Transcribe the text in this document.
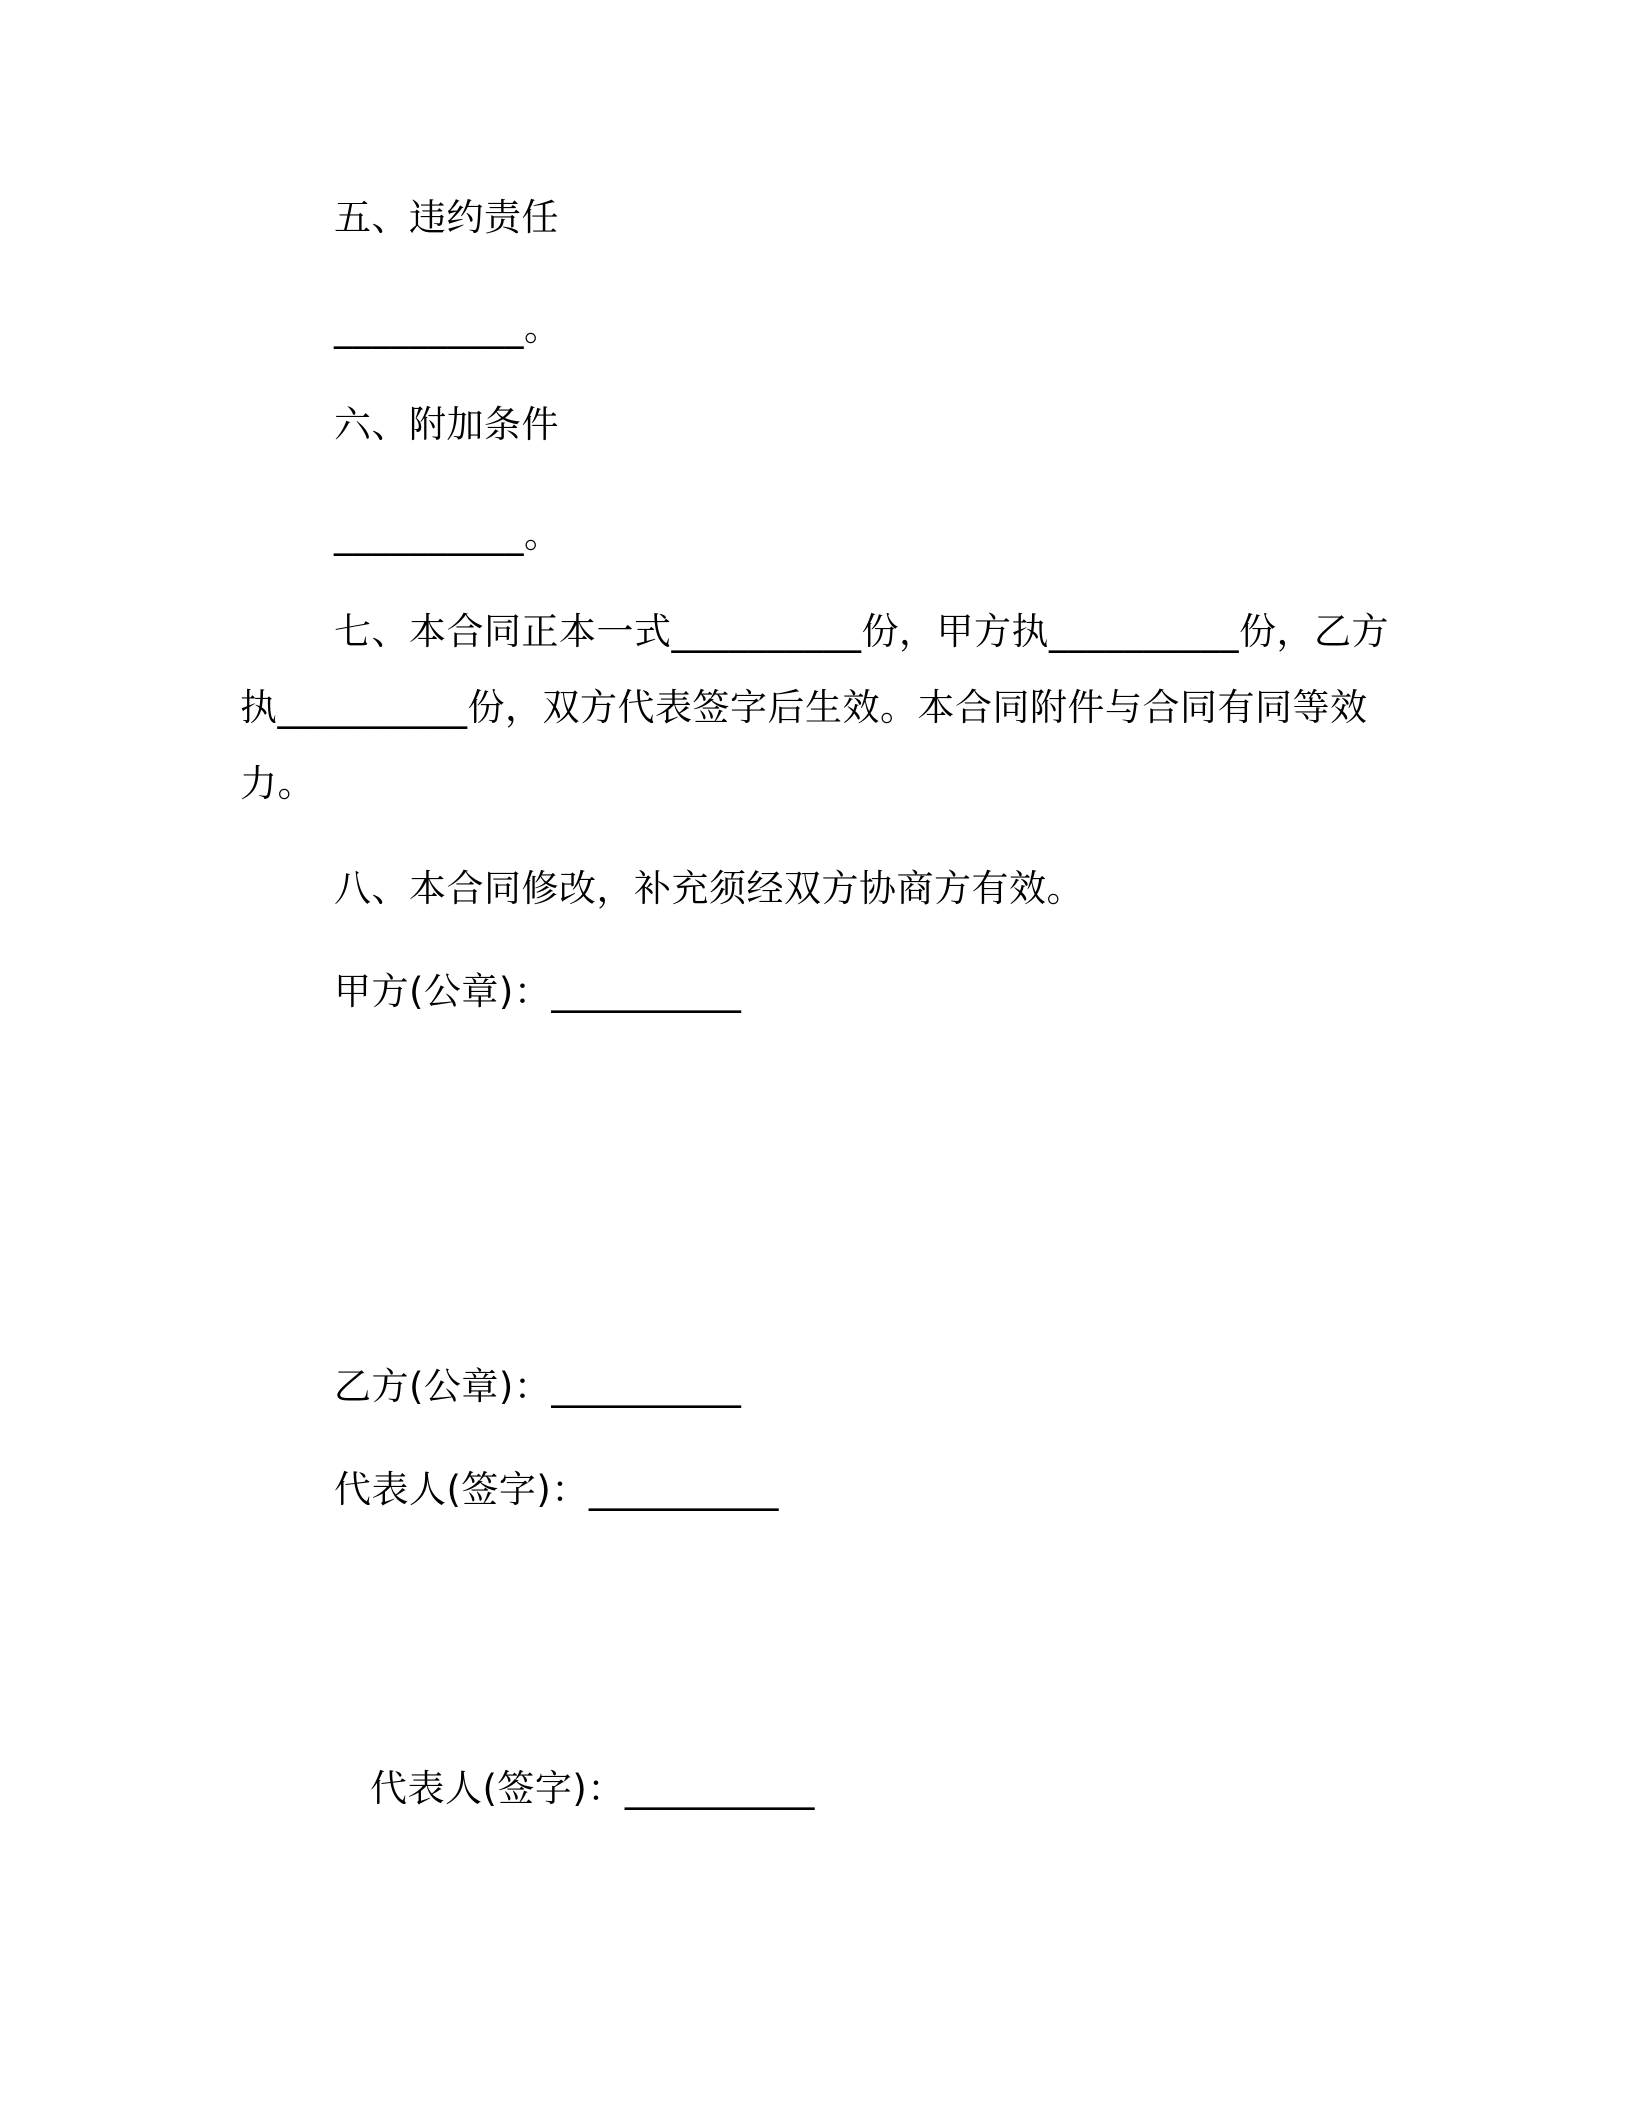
五、违约责任
__________。
六、附加条件
__________。
七、本合同正本一式__________份，甲方执__________份，乙方
执__________份，双方代表签字后生效。本合同附件与合同有同等效
力。
八、本合同修改，补充须经双方协商方有效。
甲方(公章)：__________
乙方(公章)：__________
代表人(签字)：__________
代表人(签字)：__________
